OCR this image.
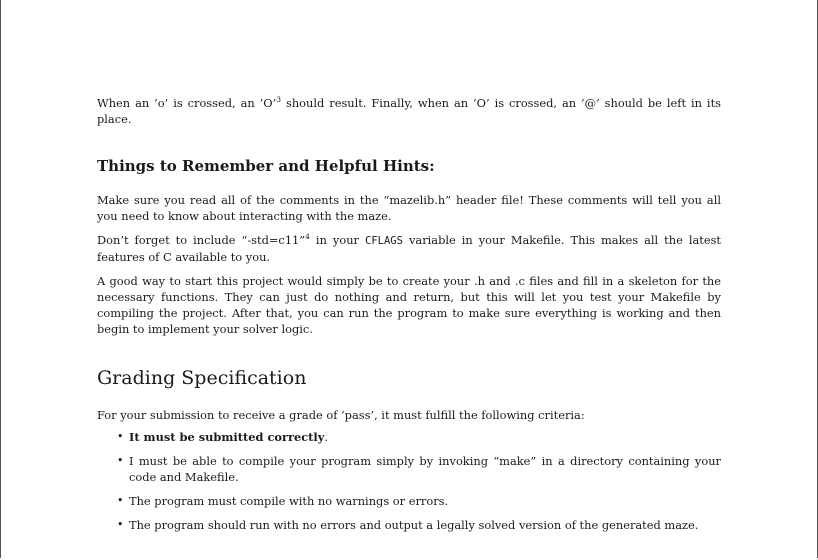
When an ’o’ is crossed, an ’O’$^3$ should result. Finally, when an ’O’ is crossed, an ’@’ should be left in its place.

Things to Remember and Helpful Hints:

Make sure you read all of the comments in the “mazelib.h” header file! These comments will tell you all you need to know about interacting with the maze.

Don’t forget to include “-std=c11”$^4$ in your CFLAGS variable in your Makefile. This makes all the latest features of C available to you.

A good way to start this project would simply be to create your .h and .c files and fill in a skeleton for the necessary functions. They can just do nothing and return, but this will let you test your Makefile by compiling the project. After that, you can run the program to make sure everything is working and then begin to implement your solver logic.

Grading Specification

For your submission to receive a grade of ‘pass’, it must fulfill the following criteria:

• It must be submitted correctly.
• I must be able to compile your program simply by invoking “make” in a directory containing your code and Makefile.
• The program must compile with no warnings or errors.
• The program should run with no errors and output a legally solved version of the generated maze.
